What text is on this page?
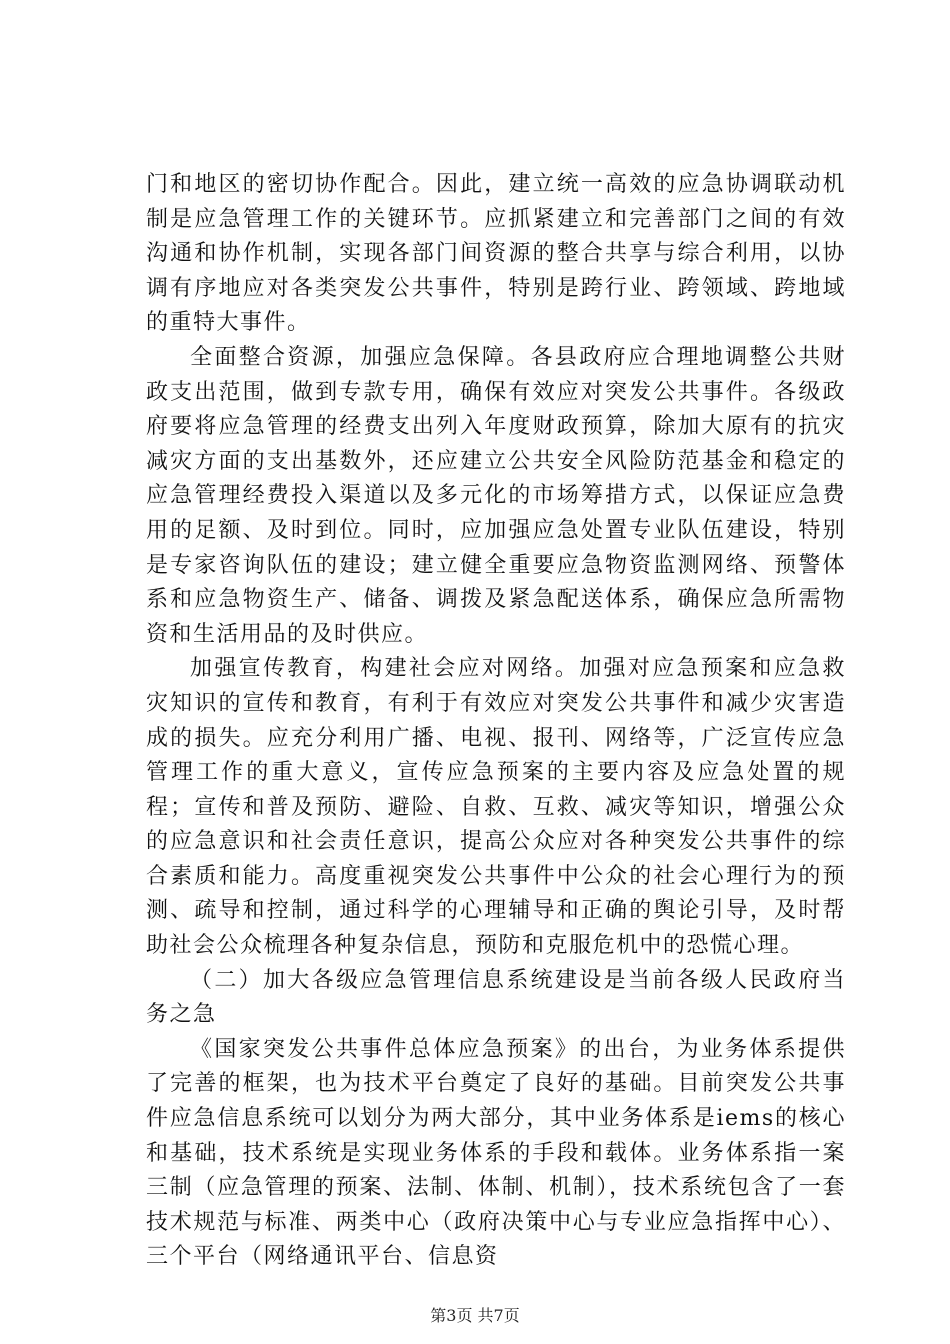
门和地区的密切协作配合。因此，建立统一高效的应急协调联动机制是应急管理工作的关键环节。应抓紧建立和完善部门之间的有效沟通和协作机制，实现各部门间资源的整合共享与综合利用，以协调有序地应对各类突发公共事件，特别是跨行业、跨领域、跨地域的重特大事件。

全面整合资源，加强应急保障。各县政府应合理地调整公共财政支出范围，做到专款专用，确保有效应对突发公共事件。各级政府要将应急管理的经费支出列入年度财政预算，除加大原有的抗灾减灾方面的支出基数外，还应建立公共安全风险防范基金和稳定的应急管理经费投入渠道以及多元化的市场筹措方式，以保证应急费用的足额、及时到位。同时，应加强应急处置专业队伍建设，特别是专家咨询队伍的建设；建立健全重要应急物资监测网络、预警体系和应急物资生产、储备、调拨及紧急配送体系，确保应急所需物资和生活用品的及时供应。

加强宣传教育，构建社会应对网络。加强对应急预案和应急救灾知识的宣传和教育，有利于有效应对突发公共事件和减少灾害造成的损失。应充分利用广播、电视、报刊、网络等，广泛宣传应急管理工作的重大意义，宣传应急预案的主要内容及应急处置的规程；宣传和普及预防、避险、自救、互救、减灾等知识，增强公众的应急意识和社会责任意识，提高公众应对各种突发公共事件的综合素质和能力。高度重视突发公共事件中公众的社会心理行为的预测、疏导和控制，通过科学的心理辅导和正确的舆论引导，及时帮助社会公众梳理各种复杂信息，预防和克服危机中的恐慌心理。

（二）加大各级应急管理信息系统建设是当前各级人民政府当务之急

《国家突发公共事件总体应急预案》的出台，为业务体系提供了完善的框架，也为技术平台奠定了良好的基础。目前突发公共事件应急信息系统可以划分为两大部分，其中业务体系是iems的核心和基础，技术系统是实现业务体系的手段和载体。业务体系指一案三制（应急管理的预案、法制、体制、机制），技术系统包含了一套技术规范与标准、两类中心（政府决策中心与专业应急指挥中心）、三个平台（网络通讯平台、信息资

第3页 共7页
